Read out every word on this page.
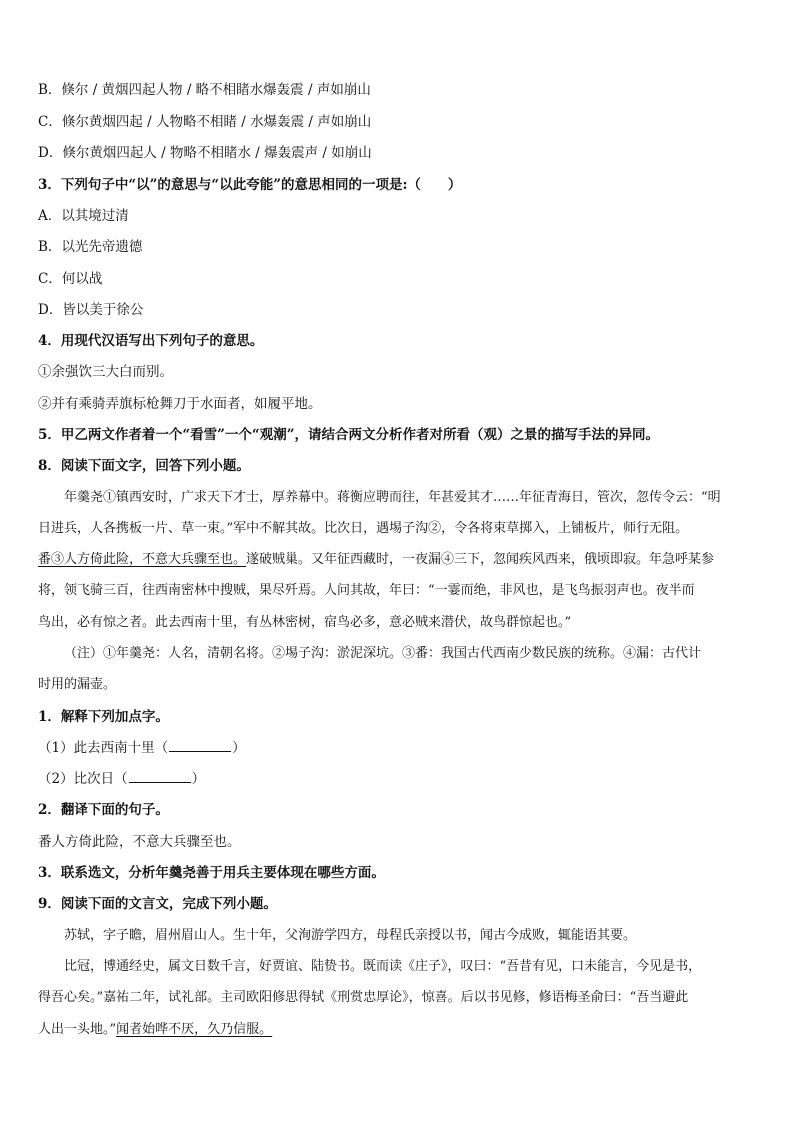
B．倏尔 / 黄烟四起人物 / 略不相睹水爆轰震 / 声如崩山
C．倏尔黄烟四起 / 人物略不相睹 / 水爆轰震 / 声如崩山
D．倏尔黄烟四起人 / 物略不相睹水 / 爆轰震声 / 如崩山
3．下列句子中“以”的意思与“以此夸能”的意思相同的一项是:（　　）
A．以其境过清
B．以光先帝遗德
C．何以战
D．皆以美于徐公
4．用现代汉语写出下列句子的意思。
①余强饮三大白而别。
②并有乘骑弄旗标枪舞刀于水面者，如履平地。
5．甲乙两文作者着一个“看雪”一个“观潮”，请结合两文分析作者对所看（观）之景的描写手法的异同。
8．阅读下面文字，回答下列小题。
年羹尧①镇西安时，广求天下才士，厚养幕中。蒋衡应聘而往，年甚爱其才……年征青海日，管次，忽传令云：“明
日进兵，人各携板一片、草一束。”军中不解其故。比次日，遇埸子沟②，令各将束草掷入，上铺板片，师行无阻。
番③人方倚此险，不意大兵骤至也。遂破贼巢。又年征西藏时，一夜漏④三下，忽闻疾风西来，俄顷即寂。年急呼某参
将，领飞骑三百，往西南密林中搜贼，果尽歼焉。人问其故，年曰：“一霎而绝，非风也，是飞鸟振羽声也。夜半而
鸟出，必有惊之者。此去西南十里，有丛林密树，宿鸟必多，意必贼来潜伏，故鸟群惊起也。”
（注）①年羹尧：人名，清朝名将。②埸子沟：淤泥深坑。③番：我国古代西南少数民族的统称。④漏：古代计
时用的漏壶。
1．解释下列加点字。
（1）此去西南十里（	）
（2）比次日（	）
2．翻译下面的句子。
番人方倚此险，不意大兵骤至也。
3．联系选文，分析年羹尧善于用兵主要体现在哪些方面。
9．阅读下面的文言文，完成下列小题。
苏轼，字子瞻，眉州眉山人。生十年，父洵游学四方，母程氏亲授以书，闻古今成败，辄能语其要。
比冠，博通经史，属文日数千言，好贾谊、陆贽书。既而读《庄子》，叹曰：“吾昔有见，口未能言，今见是书，
得吾心矣。”嘉祐二年，试礼部。主司欧阳修思得轼《刑赏忠厚论》，惊喜。后以书见修，修语梅圣俞曰：“吾当避此
人出一头地。”闻者始哗不厌，久乃信服。
